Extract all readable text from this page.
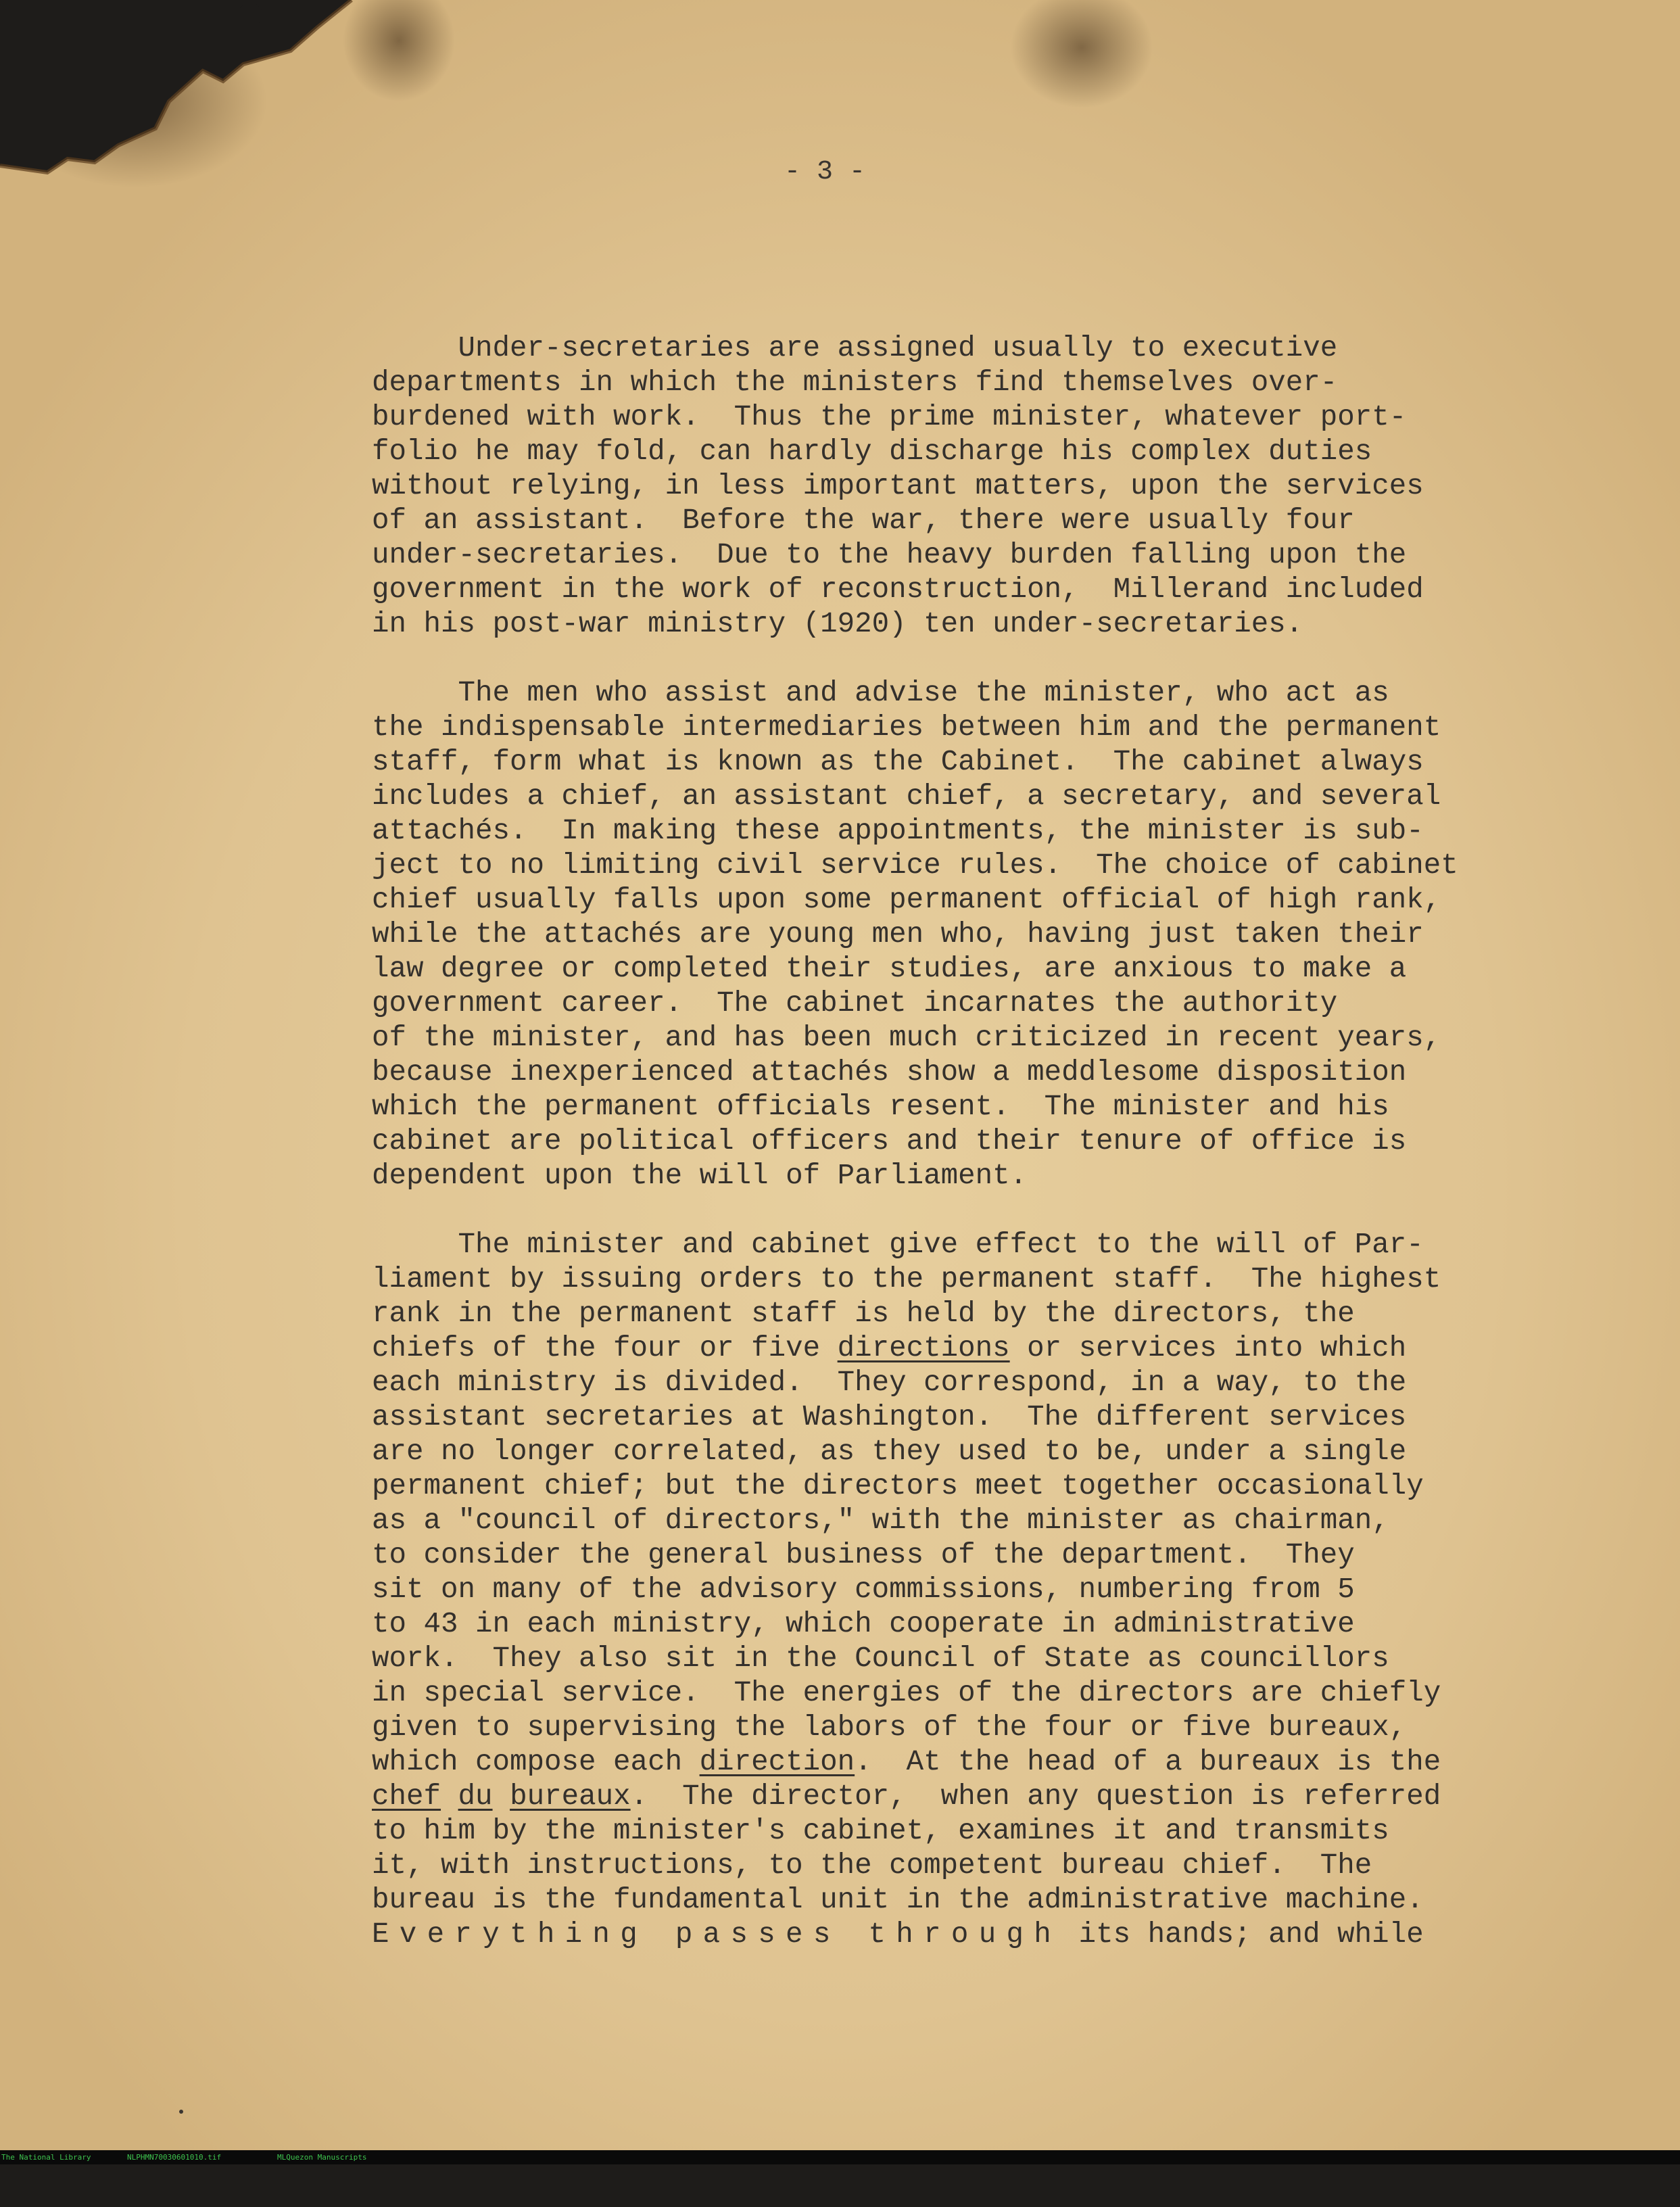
- 3 -
Under-secretaries are assigned usually to executive
departments in which the ministers find themselves over-
burdened with work.  Thus the prime minister, whatever port-
folio he may fold, can hardly discharge his complex duties
without relying, in less important matters, upon the services
of an assistant.  Before the war, there were usually four
under-secretaries.  Due to the heavy burden falling upon the
government in the work of reconstruction,  Millerand included
in his post-war ministry (1920) ten under-secretaries.
The men who assist and advise the minister, who act as
the indispensable intermediaries between him and the permanent
staff, form what is known as the Cabinet.  The cabinet always
includes a chief, an assistant chief, a secretary, and several
attachés.  In making these appointments, the minister is sub-
ject to no limiting civil service rules.  The choice of cabinet
chief usually falls upon some permanent official of high rank,
while the attachés are young men who, having just taken their
law degree or completed their studies, are anxious to make a
government career.  The cabinet incarnates the authority
of the minister, and has been much criticized in recent years,
because inexperienced attachés show a meddlesome disposition
which the permanent officials resent.  The minister and his
cabinet are political officers and their tenure of office is
dependent upon the will of Parliament.
The minister and cabinet give effect to the will of Par-
liament by issuing orders to the permanent staff.  The highest
rank in the permanent staff is held by the directors, the
chiefs of the four or five directions or services into which
each ministry is divided.  They correspond, in a way, to the
assistant secretaries at Washington.  The different services
are no longer correlated, as they used to be, under a single
permanent chief; but the directors meet together occasionally
as a "council of directors," with the minister as chairman,
to consider the general business of the department.  They
sit on many of the advisory commissions, numbering from 5
to 43 in each ministry, which cooperate in administrative
work.  They also sit in the Council of State as councillors
in special service.  The energies of the directors are chiefly
given to supervising the labors of the four or five bureaux,
which compose each direction.  At the head of a bureaux is the
chef du bureaux.  The director,  when any question is referred
to him by the minister's cabinet, examines it and transmits
it, with instructions, to the competent bureau chief.  The
bureau is the fundamental unit in the administrative machine.
Everything passes through its hands; and while

The National Library

	NLPHMN70030601010.tif

	MLQuezon Manuscripts
